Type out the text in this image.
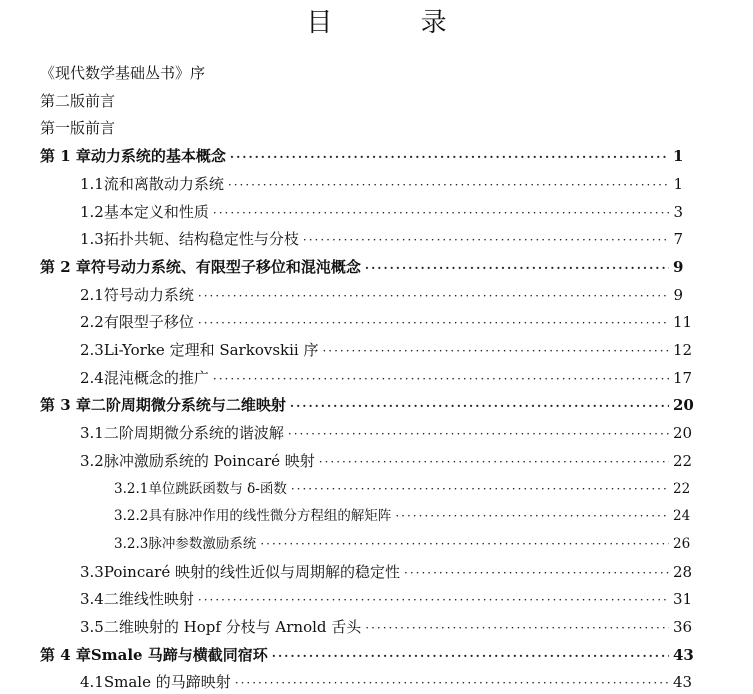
目 录
《现代数学基础丛书》序
第二版前言
第一版前言
第 1 章 动力系统的基本概念 ·····	1
1.1 流和离散动力系统 ·····	1
1.2 基本定义和性质 ·····	3
1.3 拓扑共轭、结构稳定性与分枝 ·····	7
第 2 章 符号动力系统、有限型子移位和混沌概念 ·····	9
2.1 符号动力系统 ·····	9
2.2 有限型子移位 ·····	11
2.3 Li-Yorke 定理和 Sarkovskii 序 ·····	12
2.4 混沌概念的推广 ·····	17
第 3 章 二阶周期微分系统与二维映射 ·····	20
3.1 二阶周期微分系统的谐波解 ·····	20
3.2 脉冲激励系统的 Poincaré 映射 ·····	22
3.2.1 单位跳跃函数与 δ-函数 ·····	22
3.2.2 具有脉冲作用的线性微分方程组的解矩阵 ·····	24
3.2.3 脉冲参数激励系统 ·····	26
3.3 Poincaré 映射的线性近似与周期解的稳定性 ·····	28
3.4 二维线性映射 ·····	31
3.5 二维映射的 Hopf 分枝与 Arnold 舌头 ·····	36
第 4 章 Smale 马蹄与横截同宿环 ·····	43
4.1 Smale 的马蹄映射 ·····	43
